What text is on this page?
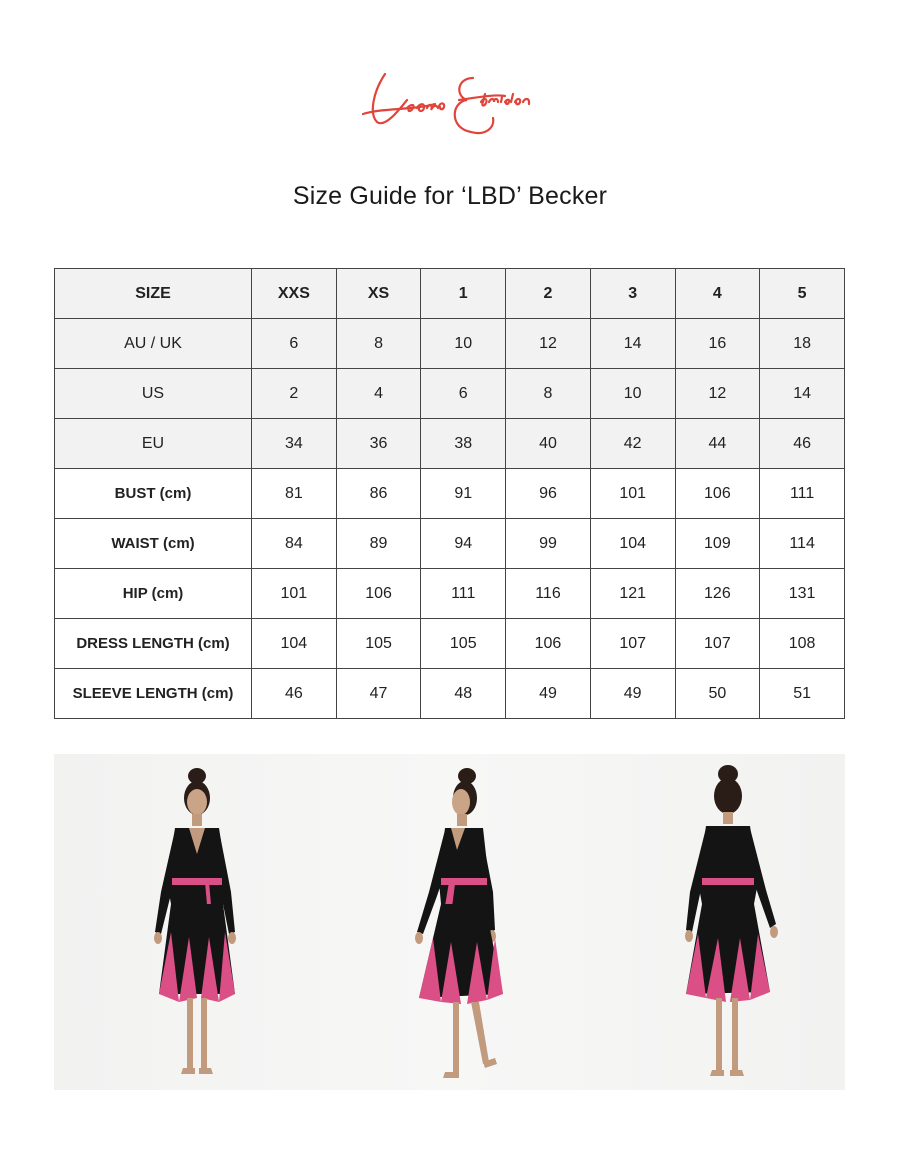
Size Guide for ‘LBD’ Becker
SIZE	XXS	XS	1	2	3	4	5
AU / UK	6	8	10	12	14	16	18
US	2	4	6	8	10	12	14
EU	34	36	38	40	42	44	46
BUST (cm)	81	86	91	96	101	106	111
WAIST (cm)	84	89	94	99	104	109	114
HIP (cm)	101	106	111	116	121	126	131
DRESS LENGTH (cm)	104	105	105	106	107	107	108
SLEEVE LENGTH (cm)	46	47	48	49	49	50	51
